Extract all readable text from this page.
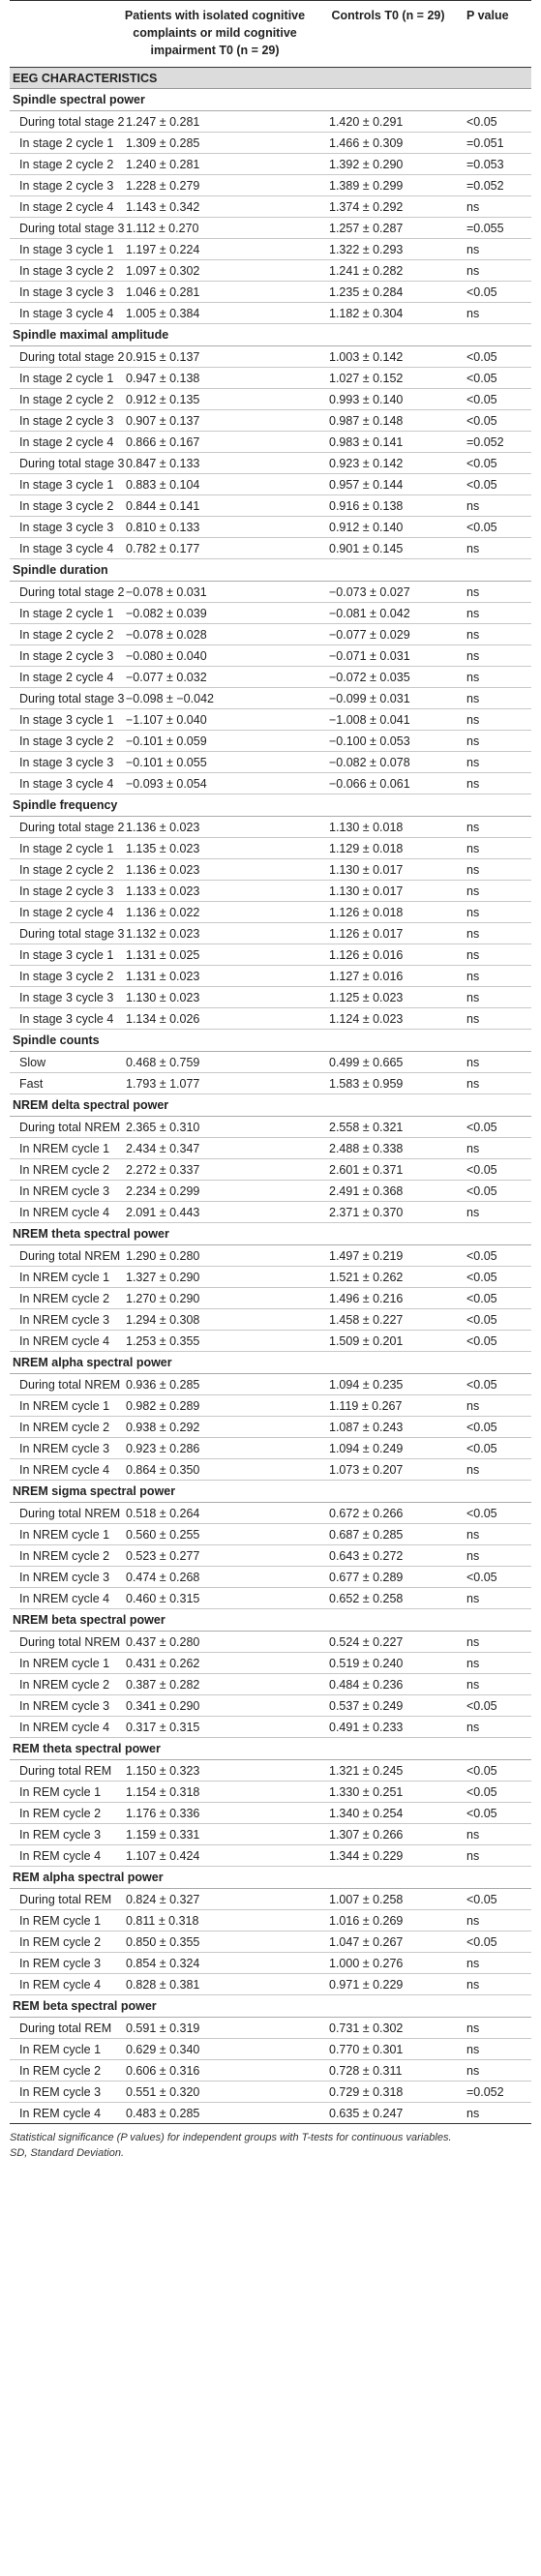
	Patients with isolated cognitive complaints or mild cognitive impairment T0 (n = 29)	Controls T0 (n = 29)	P value
EEG CHARACTERISTICS			
Spindle spectral power			
During total stage 2	1.247 ± 0.281	1.420 ± 0.291	<0.05
In stage 2 cycle 1	1.309 ± 0.285	1.466 ± 0.309	=0.051
In stage 2 cycle 2	1.240 ± 0.281	1.392 ± 0.290	=0.053
In stage 2 cycle 3	1.228 ± 0.279	1.389 ± 0.299	=0.052
In stage 2 cycle 4	1.143 ± 0.342	1.374 ± 0.292	ns
During total stage 3	1.112 ± 0.270	1.257 ± 0.287	=0.055
In stage 3 cycle 1	1.197 ± 0.224	1.322 ± 0.293	ns
In stage 3 cycle 2	1.097 ± 0.302	1.241 ± 0.282	ns
In stage 3 cycle 3	1.046 ± 0.281	1.235 ± 0.284	<0.05
In stage 3 cycle 4	1.005 ± 0.384	1.182 ± 0.304	ns
Spindle maximal amplitude			
During total stage 2	0.915 ± 0.137	1.003 ± 0.142	<0.05
In stage 2 cycle 1	0.947 ± 0.138	1.027 ± 0.152	<0.05
In stage 2 cycle 2	0.912 ± 0.135	0.993 ± 0.140	<0.05
In stage 2 cycle 3	0.907 ± 0.137	0.987 ± 0.148	<0.05
In stage 2 cycle 4	0.866 ± 0.167	0.983 ± 0.141	=0.052
During total stage 3	0.847 ± 0.133	0.923 ± 0.142	<0.05
In stage 3 cycle 1	0.883 ± 0.104	0.957 ± 0.144	<0.05
In stage 3 cycle 2	0.844 ± 0.141	0.916 ± 0.138	ns
In stage 3 cycle 3	0.810 ± 0.133	0.912 ± 0.140	<0.05
In stage 3 cycle 4	0.782 ± 0.177	0.901 ± 0.145	ns
Spindle duration			
During total stage 2	−0.078 ± 0.031	−0.073 ± 0.027	ns
In stage 2 cycle 1	−0.082 ± 0.039	−0.081 ± 0.042	ns
In stage 2 cycle 2	−0.078 ± 0.028	−0.077 ± 0.029	ns
In stage 2 cycle 3	−0.080 ± 0.040	−0.071 ± 0.031	ns
In stage 2 cycle 4	−0.077 ± 0.032	−0.072 ± 0.035	ns
During total stage 3	−0.098 ± −0.042	−0.099 ± 0.031	ns
In stage 3 cycle 1	−1.107 ± 0.040	−1.008 ± 0.041	ns
In stage 3 cycle 2	−0.101 ± 0.059	−0.100 ± 0.053	ns
In stage 3 cycle 3	−0.101 ± 0.055	−0.082 ± 0.078	ns
In stage 3 cycle 4	−0.093 ± 0.054	−0.066 ± 0.061	ns
Spindle frequency			
During total stage 2	1.136 ± 0.023	1.130 ± 0.018	ns
In stage 2 cycle 1	1.135 ± 0.023	1.129 ± 0.018	ns
In stage 2 cycle 2	1.136 ± 0.023	1.130 ± 0.017	ns
In stage 2 cycle 3	1.133 ± 0.023	1.130 ± 0.017	ns
In stage 2 cycle 4	1.136 ± 0.022	1.126 ± 0.018	ns
During total stage 3	1.132 ± 0.023	1.126 ± 0.017	ns
In stage 3 cycle 1	1.131 ± 0.025	1.126 ± 0.016	ns
In stage 3 cycle 2	1.131 ± 0.023	1.127 ± 0.016	ns
In stage 3 cycle 3	1.130 ± 0.023	1.125 ± 0.023	ns
In stage 3 cycle 4	1.134 ± 0.026	1.124 ± 0.023	ns
Spindle counts			
Slow	0.468 ± 0.759	0.499 ± 0.665	ns
Fast	1.793 ± 1.077	1.583 ± 0.959	ns
NREM delta spectral power			
During total NREM	2.365 ± 0.310	2.558 ± 0.321	<0.05
In NREM cycle 1	2.434 ± 0.347	2.488 ± 0.338	ns
In NREM cycle 2	2.272 ± 0.337	2.601 ± 0.371	<0.05
In NREM cycle 3	2.234 ± 0.299	2.491 ± 0.368	<0.05
In NREM cycle 4	2.091 ± 0.443	2.371 ± 0.370	ns
NREM theta spectral power			
During total NREM	1.290 ± 0.280	1.497 ± 0.219	<0.05
In NREM cycle 1	1.327 ± 0.290	1.521 ± 0.262	<0.05
In NREM cycle 2	1.270 ± 0.290	1.496 ± 0.216	<0.05
In NREM cycle 3	1.294 ± 0.308	1.458 ± 0.227	<0.05
In NREM cycle 4	1.253 ± 0.355	1.509 ± 0.201	<0.05
NREM alpha spectral power			
During total NREM	0.936 ± 0.285	1.094 ± 0.235	<0.05
In NREM cycle 1	0.982 ± 0.289	1.119 ± 0.267	ns
In NREM cycle 2	0.938 ± 0.292	1.087 ± 0.243	<0.05
In NREM cycle 3	0.923 ± 0.286	1.094 ± 0.249	<0.05
In NREM cycle 4	0.864 ± 0.350	1.073 ± 0.207	ns
NREM sigma spectral power			
During total NREM	0.518 ± 0.264	0.672 ± 0.266	<0.05
In NREM cycle 1	0.560 ± 0.255	0.687 ± 0.285	ns
In NREM cycle 2	0.523 ± 0.277	0.643 ± 0.272	ns
In NREM cycle 3	0.474 ± 0.268	0.677 ± 0.289	<0.05
In NREM cycle 4	0.460 ± 0.315	0.652 ± 0.258	ns
NREM beta spectral power			
During total NREM	0.437 ± 0.280	0.524 ± 0.227	ns
In NREM cycle 1	0.431 ± 0.262	0.519 ± 0.240	ns
In NREM cycle 2	0.387 ± 0.282	0.484 ± 0.236	ns
In NREM cycle 3	0.341 ± 0.290	0.537 ± 0.249	<0.05
In NREM cycle 4	0.317 ± 0.315	0.491 ± 0.233	ns
REM theta spectral power			
During total REM	1.150 ± 0.323	1.321 ± 0.245	<0.05
In REM cycle 1	1.154 ± 0.318	1.330 ± 0.251	<0.05
In REM cycle 2	1.176 ± 0.336	1.340 ± 0.254	<0.05
In REM cycle 3	1.159 ± 0.331	1.307 ± 0.266	ns
In REM cycle 4	1.107 ± 0.424	1.344 ± 0.229	ns
REM alpha spectral power			
During total REM	0.824 ± 0.327	1.007 ± 0.258	<0.05
In REM cycle 1	0.811 ± 0.318	1.016 ± 0.269	ns
In REM cycle 2	0.850 ± 0.355	1.047 ± 0.267	<0.05
In REM cycle 3	0.854 ± 0.324	1.000 ± 0.276	ns
In REM cycle 4	0.828 ± 0.381	0.971 ± 0.229	ns
REM beta spectral power			
During total REM	0.591 ± 0.319	0.731 ± 0.302	ns
In REM cycle 1	0.629 ± 0.340	0.770 ± 0.301	ns
In REM cycle 2	0.606 ± 0.316	0.728 ± 0.311	ns
In REM cycle 3	0.551 ± 0.320	0.729 ± 0.318	=0.052
In REM cycle 4	0.483 ± 0.285	0.635 ± 0.247	ns
Statistical significance (P values) for independent groups with T-tests for continuous variables.
SD, Standard Deviation.
